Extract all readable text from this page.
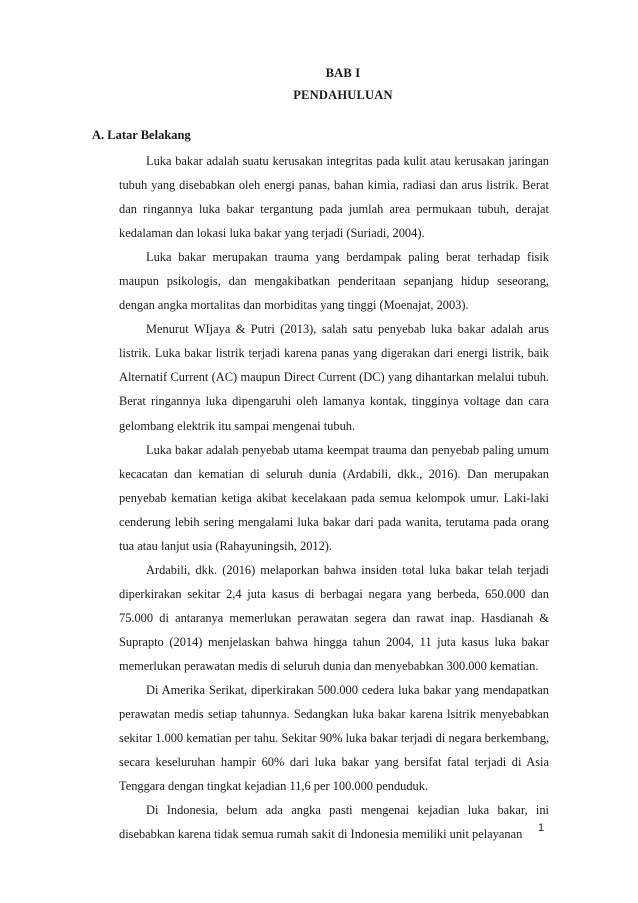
BAB I
PENDAHULUAN
A. Latar Belakang

Luka bakar adalah suatu kerusakan integritas pada kulit atau kerusakan jaringan tubuh yang disebabkan oleh energi panas, bahan kimia, radiasi dan arus listrik. Berat dan ringannya luka bakar tergantung pada jumlah area permukaan tubuh, derajat kedalaman dan lokasi luka bakar yang terjadi (Suriadi, 2004).

Luka bakar merupakan trauma yang berdampak paling berat terhadap fisik maupun psikologis, dan mengakibatkan penderitaan sepanjang hidup seseorang, dengan angka mortalitas dan morbiditas yang tinggi (Moenajat, 2003).

Menurut WIjaya & Putri (2013), salah satu penyebab luka bakar adalah arus listrik. Luka bakar listrik terjadi karena panas yang digerakan dari energi listrik, baik Alternatif Current (AC) maupun Direct Current (DC) yang dihantarkan melalui tubuh. Berat ringannya luka dipengaruhi oleh lamanya kontak, tingginya voltage dan cara gelombang elektrik itu sampai mengenai tubuh.

Luka bakar adalah penyebab utama keempat trauma dan penyebab paling umum kecacatan dan kematian di seluruh dunia (Ardabili, dkk., 2016). Dan merupakan penyebab kematian ketiga akibat kecelakaan pada semua kelompok umur. Laki-laki cenderung lebih sering mengalami luka bakar dari pada wanita, terutama pada orang tua atau lanjut usia (Rahayuningsih, 2012).

Ardabili, dkk. (2016) melaporkan bahwa insiden total luka bakar telah terjadi diperkirakan sekitar 2,4 juta kasus di berbagai negara yang berbeda, 650.000 dan 75.000 di antaranya memerlukan perawatan segera dan rawat inap. Hasdianah & Suprapto (2014) menjelaskan bahwa hingga tahun 2004, 11 juta kasus luka bakar memerlukan perawatan medis di seluruh dunia dan menyebabkan 300.000 kematian.

Di Amerika Serikat, diperkirakan 500.000 cedera luka bakar yang mendapatkan perawatan medis setiap tahunnya. Sedangkan luka bakar karena lsitrik menyebabkan sekitar 1.000 kematian per tahu. Sekitar 90% luka bakar terjadi di negara berkembang, secara keseluruhan hampir 60% dari luka bakar yang bersifat fatal terjadi di Asia Tenggara dengan tingkat kejadian 11,6 per 100.000 penduduk.

Di Indonesia, belum ada angka pasti mengenai kejadian luka bakar, ini disebabkan karena tidak semua rumah sakit di Indonesia memiliki unit pelayanan	1
